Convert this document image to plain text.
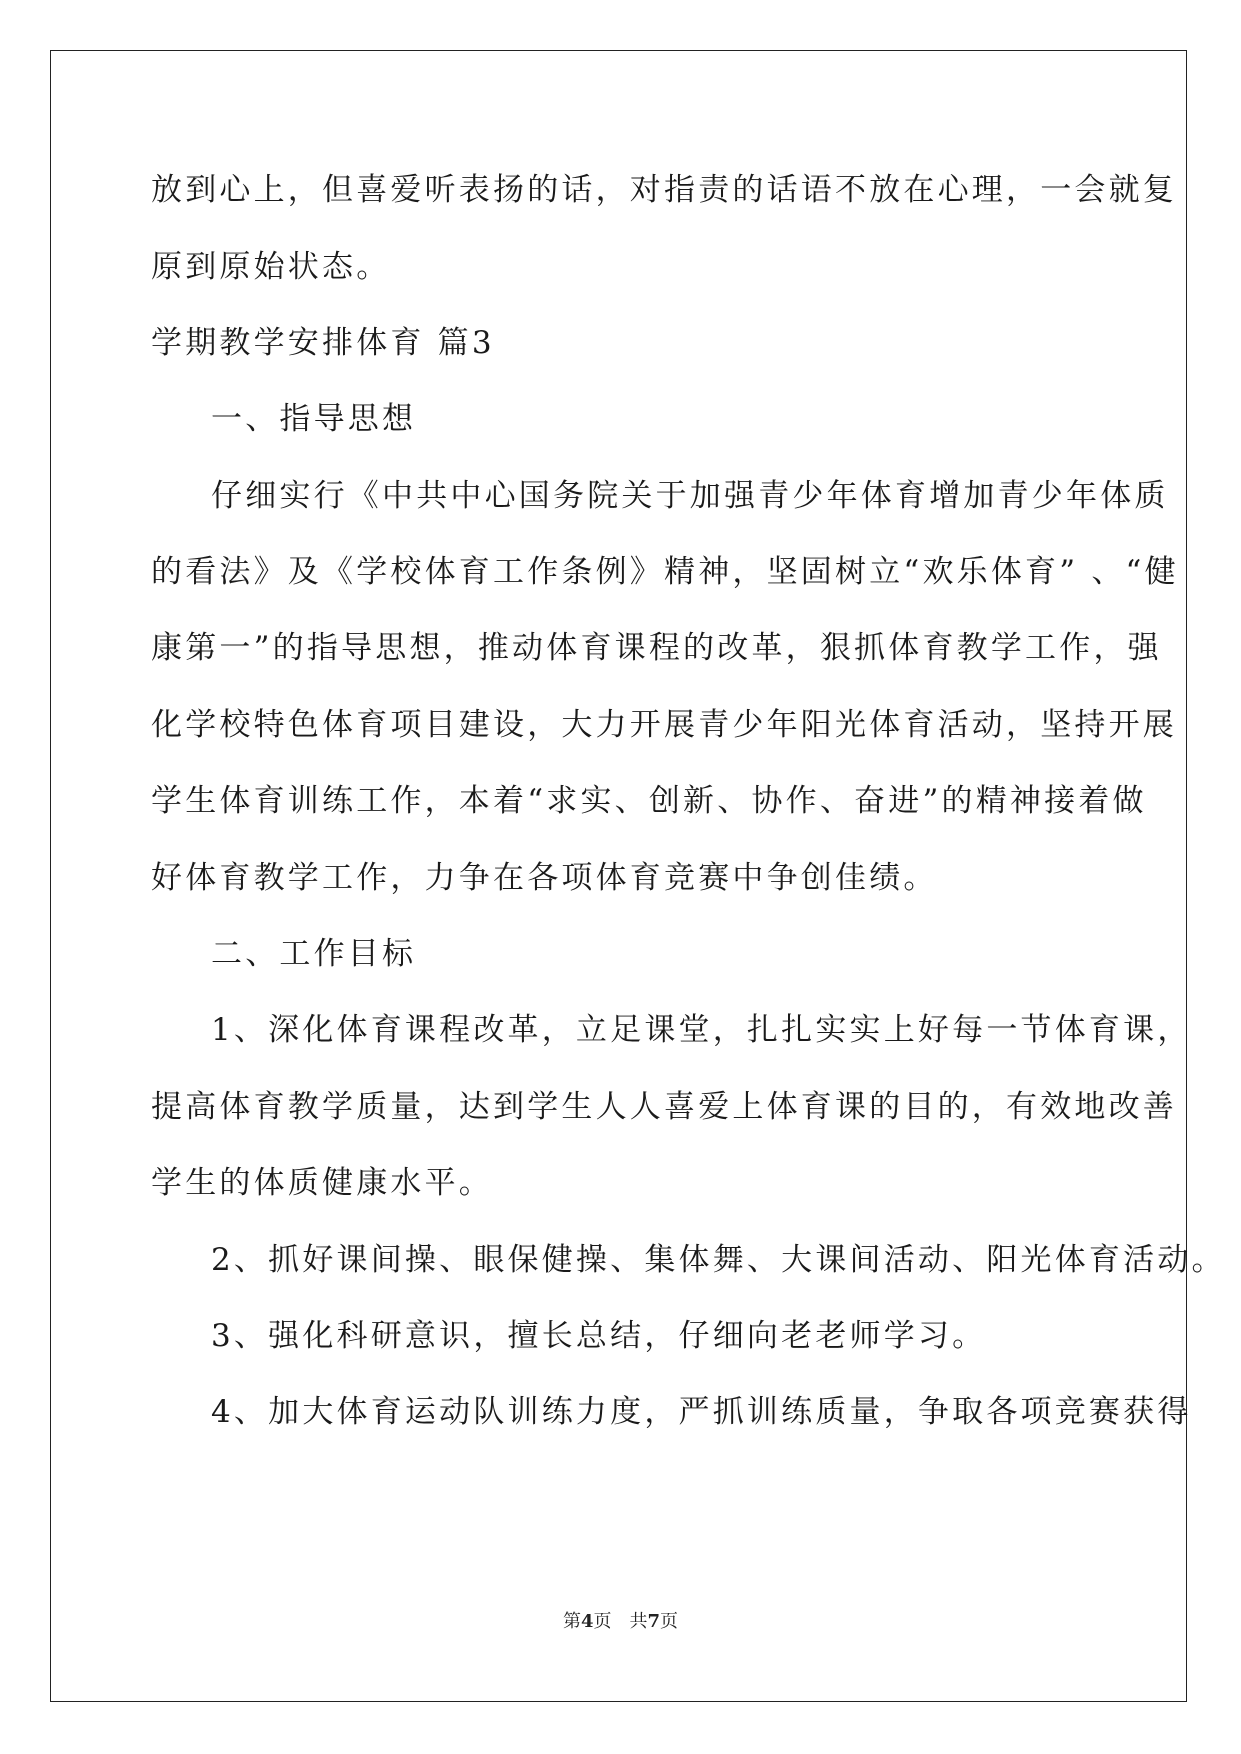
放到心上，但喜爱听表扬的话，对指责的话语不放在心理，一会就复
原到原始状态。
学期教学安排体育 篇3
一、指导思想
仔细实行《中共中心国务院关于加强青少年体育增加青少年体质
的看法》及《学校体育工作条例》精神，坚固树立“欢乐体育” 、“健
康第一”的指导思想，推动体育课程的改革，狠抓体育教学工作，强
化学校特色体育项目建设，大力开展青少年阳光体育活动，坚持开展
学生体育训练工作，本着“求实、创新、协作、奋进”的精神接着做
好体育教学工作，力争在各项体育竞赛中争创佳绩。
二、工作目标
1、深化体育课程改革，立足课堂，扎扎实实上好每一节体育课，
提高体育教学质量，达到学生人人喜爱上体育课的目的，有效地改善
学生的体质健康水平。
2、抓好课间操、眼保健操、集体舞、大课间活动、阳光体育活动。
3、强化科研意识，擅长总结，仔细向老老师学习。
4、加大体育运动队训练力度，严抓训练质量，争取各项竞赛获得
第4页　共7页
